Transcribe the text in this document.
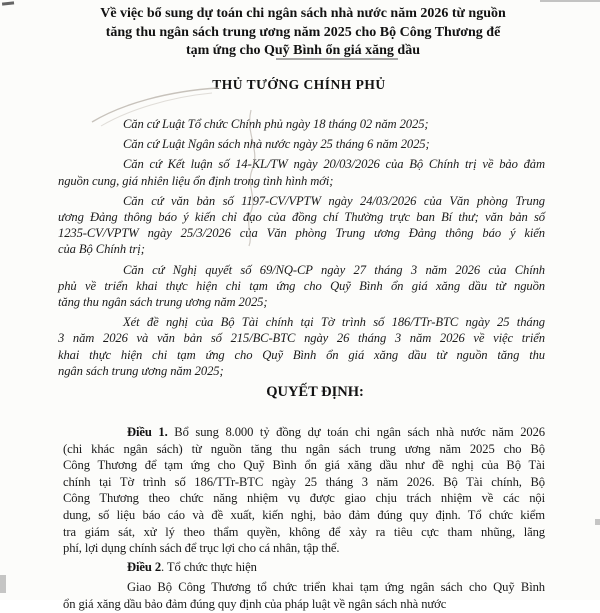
Về việc bổ sung dự toán chi ngân sách nhà nước năm 2026 từ nguồn
tăng thu ngân sách trung ương năm 2025 cho Bộ Công Thương để
tạm ứng cho Quỹ Bình ổn giá xăng dầu
THỦ TƯỚNG CHÍNH PHỦ
Căn cứ Luật Tổ chức Chính phủ ngày 18 tháng 02 năm 2025;
Căn cứ Luật Ngân sách nhà nước ngày 25 tháng 6 năm 2025;
Căn cứ Kết luận số 14-KL/TW ngày 20/03/2026 của Bộ Chính trị về bảo đảm
nguồn cung, giá nhiên liệu ổn định trong tình hình mới;
Căn cứ văn bản số 1197-CV/VPTW ngày 24/03/2026 của Văn phòng Trung
ương Đảng thông báo ý kiến chỉ đạo của đồng chí Thường trực ban Bí thư; văn bản số
1235-CV/VPTW ngày 25/3/2026 của Văn phòng Trung ương Đảng thông báo ý kiến
của Bộ Chính trị;
Căn cứ Nghị quyết số 69/NQ-CP ngày 27 tháng 3 năm 2026 của Chính
phủ về triển khai thực hiện chi tạm ứng cho Quỹ Bình ổn giá xăng dầu từ nguồn
tăng thu ngân sách trung ương năm 2025;
Xét đề nghị của Bộ Tài chính tại Tờ trình số 186/TTr-BTC ngày 25 tháng
3 năm 2026 và văn bản số 215/BC-BTC ngày 26 tháng 3 năm 2026 về việc triển
khai thực hiện chi tạm ứng cho Quỹ Bình ổn giá xăng dầu từ nguồn tăng thu
ngân sách trung ương năm 2025;
QUYẾT ĐỊNH:
Điều 1. Bổ sung 8.000 tỷ đồng dự toán chi ngân sách nhà nước năm 2026
(chi khác ngân sách) từ nguồn tăng thu ngân sách trung ương năm 2025 cho Bộ
Công Thương để tạm ứng cho Quỹ Bình ổn giá xăng dầu như đề nghị của Bộ Tài
chính tại Tờ trình số 186/TTr-BTC ngày 25 tháng 3 năm 2026. Bộ Tài chính, Bộ
Công Thương theo chức năng nhiệm vụ được giao chịu trách nhiệm về các nội
dung, số liệu báo cáo và đề xuất, kiến nghị, bảo đảm đúng quy định. Tổ chức kiểm
tra giám sát, xử lý theo thẩm quyền, không để xảy ra tiêu cực tham nhũng, lãng
phí, lợi dụng chính sách để trục lợi cho cá nhân, tập thể.
Điều 2. Tổ chức thực hiện
Giao Bộ Công Thương tổ chức triển khai tạm ứng ngân sách cho Quỹ Bình
ổn giá xăng dầu bảo đảm đúng quy định của pháp luật về ngân sách nhà nước
